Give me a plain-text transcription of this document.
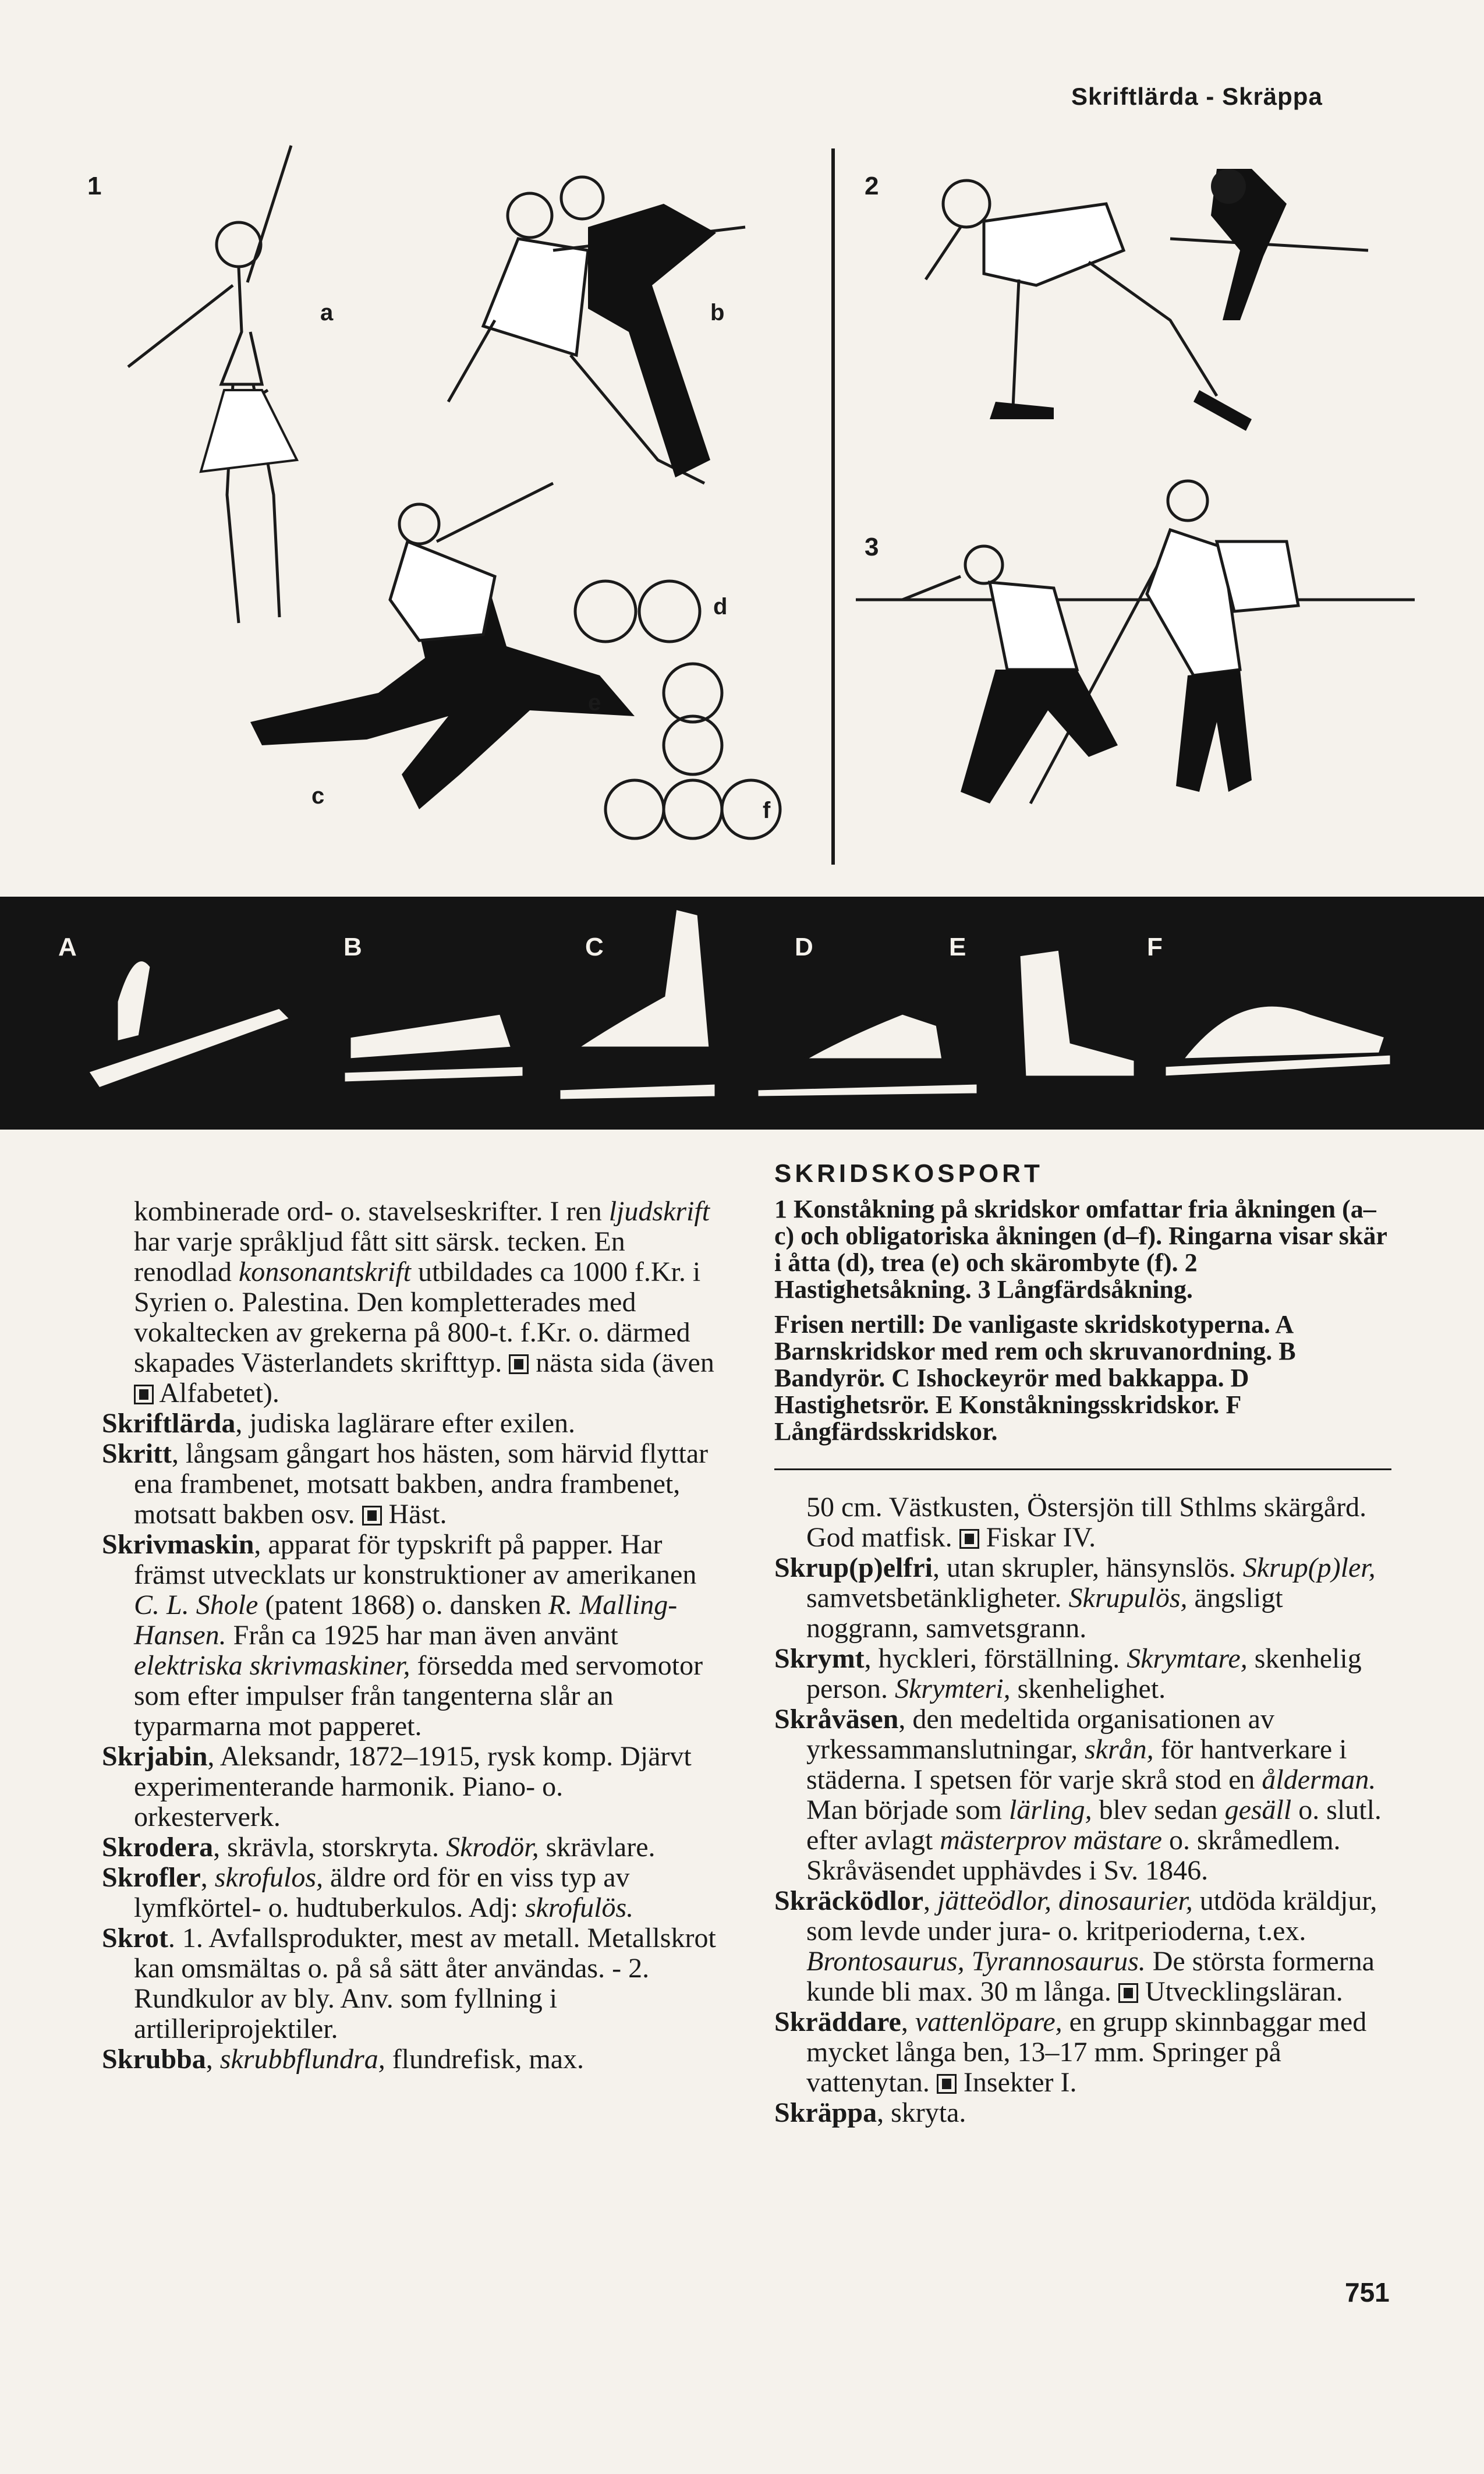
Skriftlärda - Skräppa
1
a	b
c
d
e
f
2
3
A	B	C	D	E	F

kombinerade ord- o. stavelseskrifter. I ren ljudskrift har varje språkljud fått sitt särsk. tecken. En renodlad konsonantskrift utbildades ca 1000 f.Kr. i Syrien o. Palestina. Den kompletterades med vokaltecken av grekerna på 800-t. f.Kr. o. därmed skapades Västerlandets skrifttyp.  nästa sida (även  Alfabetet).

Skriftlärda, judiska laglärare efter exilen.

Skritt, långsam gångart hos hästen, som härvid flyttar ena frambenet, motsatt bakben, andra frambenet, motsatt bakben osv.  Häst.

Skrivmaskin, apparat för typskrift på papper. Har främst utvecklats ur konstruktioner av amerikanen C. L. Shole (patent 1868) o. dansken R. Malling-Hansen. Från ca 1925 har man även använt elektriska skrivmaskiner, försedda med servomotor som efter impulser från tangenterna slår an typarmarna mot papperet.

Skrjabin, Aleksandr, 1872–1915, rysk komp. Djärvt experimenterande harmonik. Piano- o. orkesterverk.

Skrodera, skrävla, storskryta. Skrodör, skrävlare.

Skrofler, skrofulos, äldre ord för en viss typ av lymfkörtel- o. hudtuberkulos. Adj: skrofulös.

Skrot. 1. Avfallsprodukter, mest av metall. Metallskrot kan omsmältas o. på så sätt åter användas. - 2. Rundkulor av bly. Anv. som fyllning i artilleriprojektiler.

Skrubba, skrubbflundra, flundrefisk, max.

SKRIDSKOSPORT

1 Konståkning på skridskor omfattar fria åkningen (a–c) och obligatoriska åkningen (d–f). Ringarna visar skär i åtta (d), trea (e) och skärombyte (f). 2 Hastighetsåkning. 3 Långfärdsåkning.

Frisen nertill: De vanligaste skridskotyperna. A Barnskridskor med rem och skruvanordning. B Bandyrör. C Ishockeyrör med bakkappa. D Hastighetsrör. E Konståkningsskridskor. F Långfärdsskridskor.

50 cm. Västkusten, Östersjön till Sthlms skärgård. God matfisk. Fiskar IV.

Skrup(p)elfri, utan skrupler, hänsynslös. Skrup(p)ler, samvetsbetänkligheter. Skrupulös, ängsligt noggrann, samvetsgrann.

Skrymt, hyckleri, förställning. Skrymtare, skenhelig person. Skrymteri, skenhelighet.

Skråväsen, den medeltida organisationen av yrkessammanslutningar, skrån, för hantverkare i städerna. I spetsen för varje skrå stod en ålderman. Man började som lärling, blev sedan gesäll o. slutl. efter avlagt mästerprov mästare o. skråmedlem. Skråväsendet upphävdes i Sv. 1846.

Skräcködlor, jätteödlor, dinosaurier, utdöda kräldjur, som levde under jura- o. kritperioderna, t.ex. Brontosaurus, Tyrannosaurus. De största formerna kunde bli max. 30 m långa.  Utvecklingsläran.

Skräddare, vattenlöpare, en grupp skinnbaggar med mycket långa ben, 13–17 mm. Springer på vattenytan.  Insekter I.

Skräppa, skryta.

751
